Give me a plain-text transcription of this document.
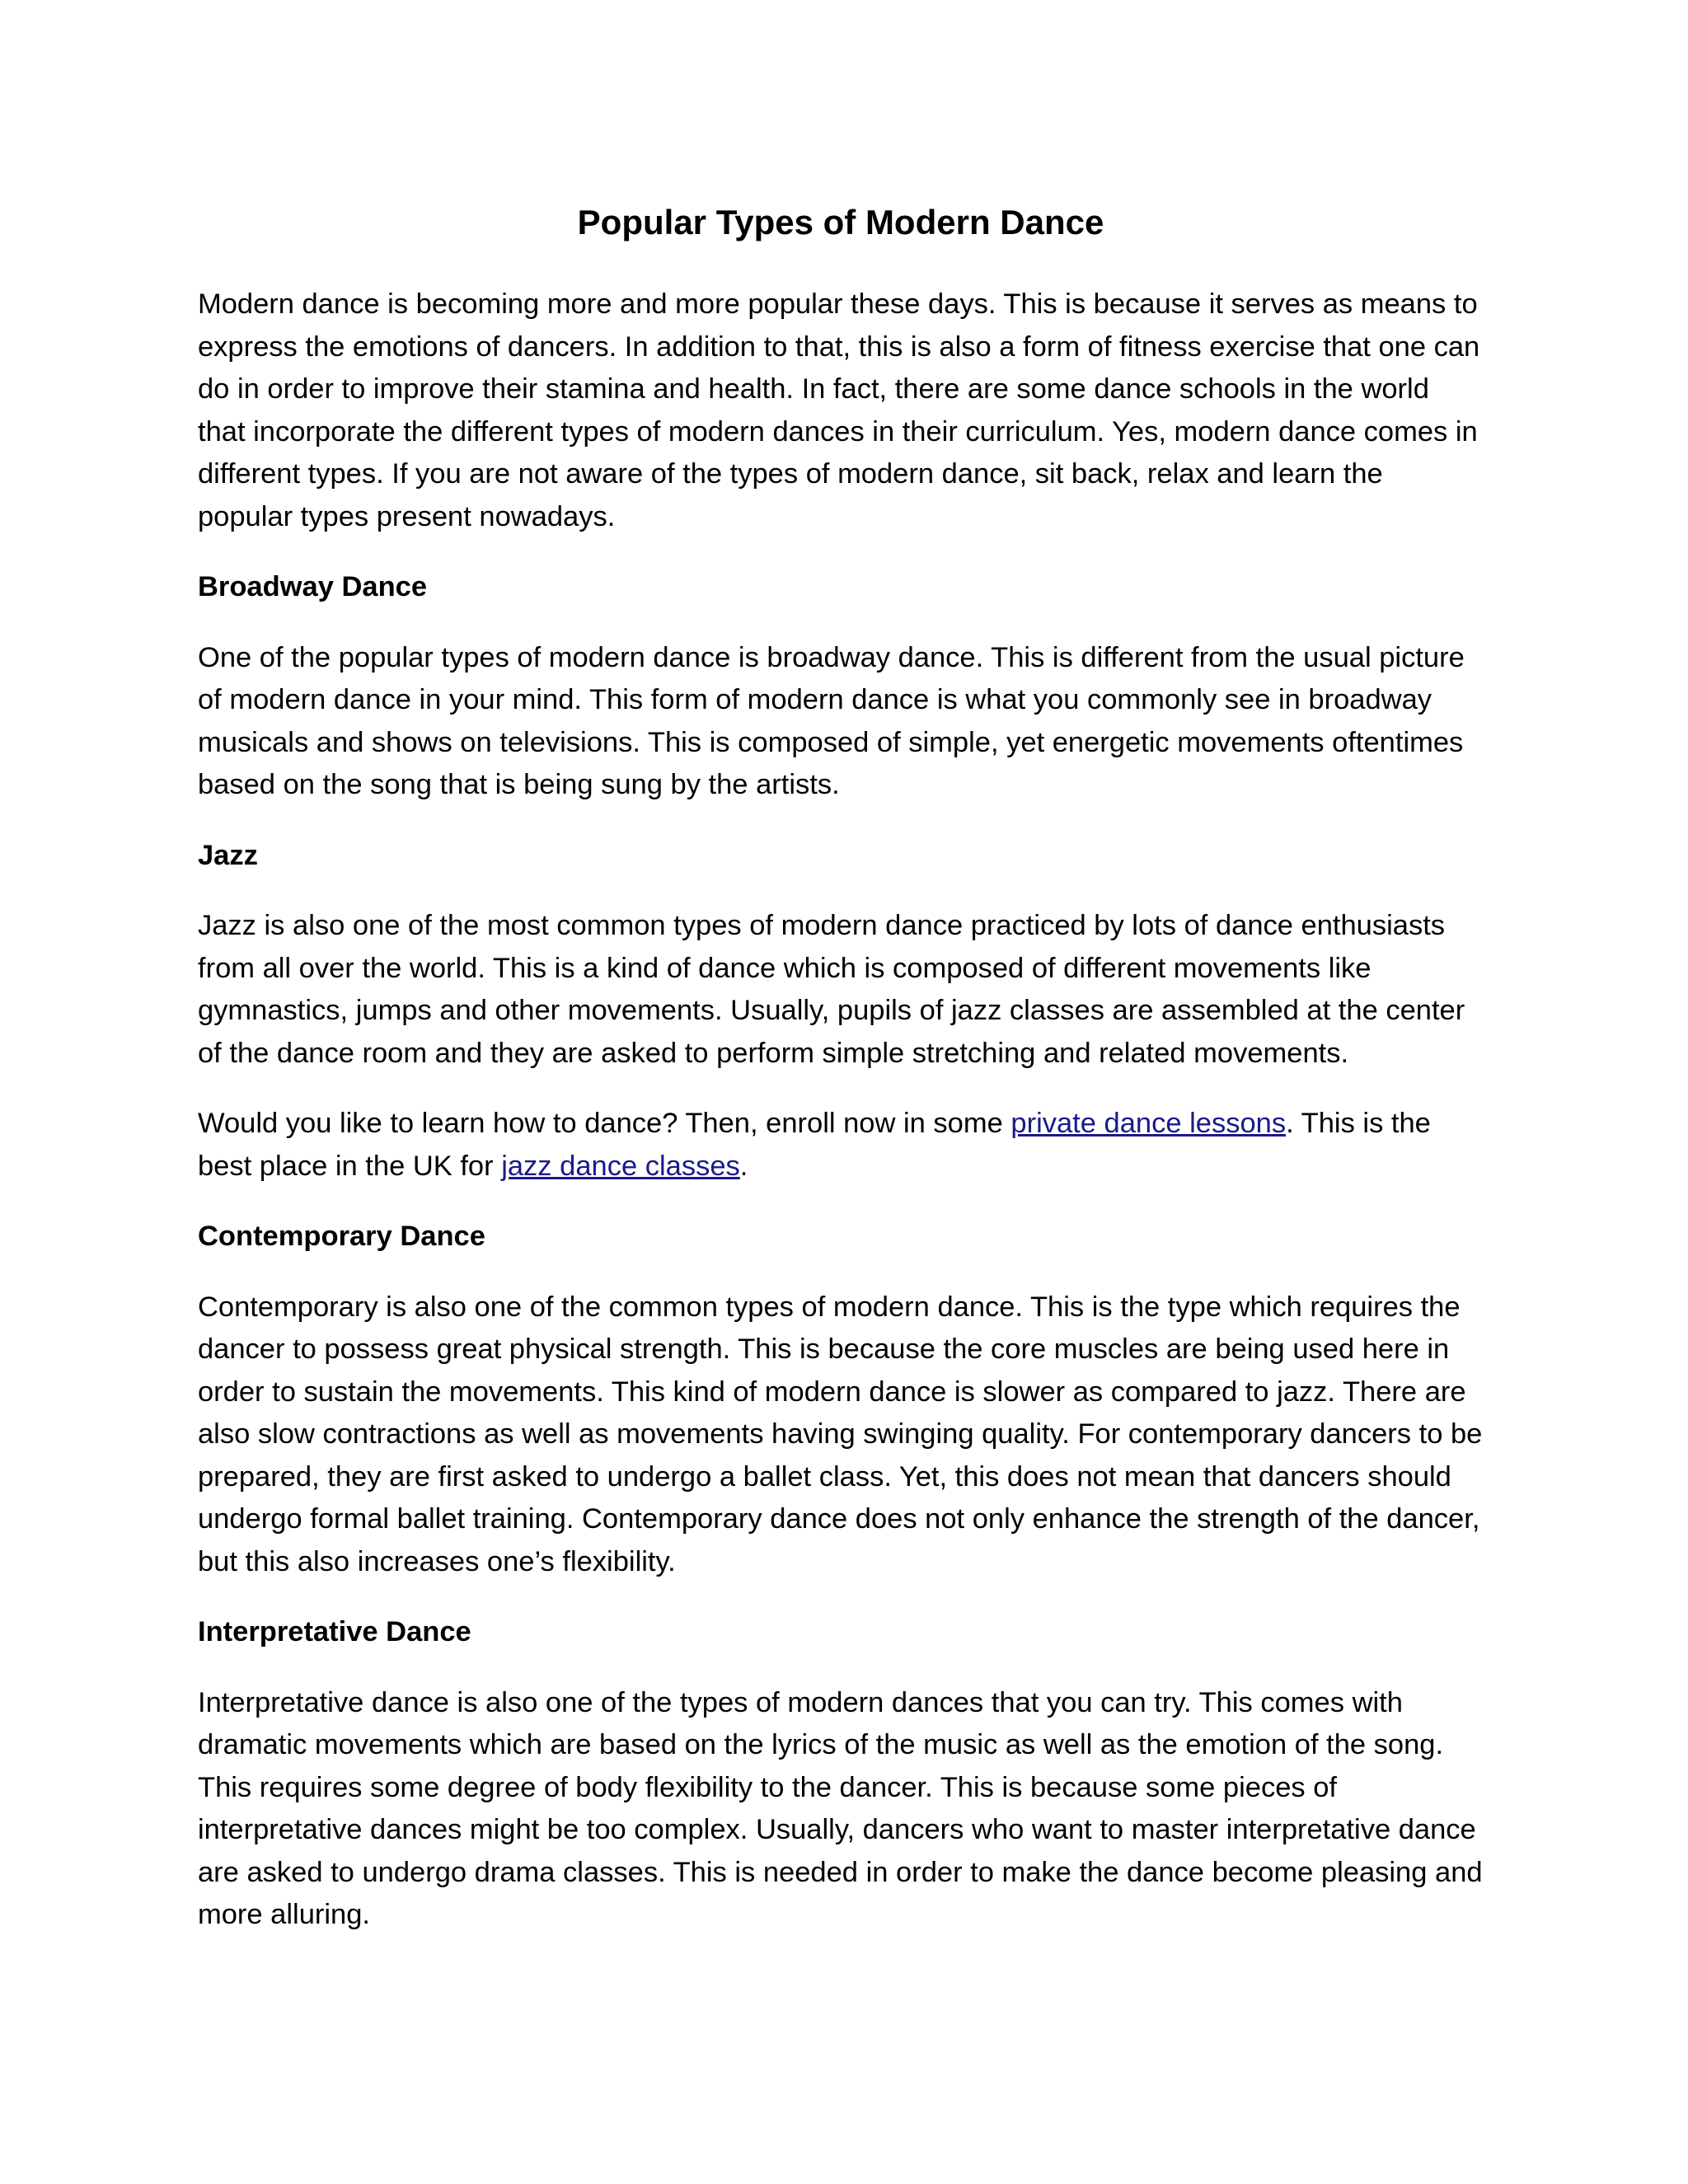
Popular Types of Modern Dance

Modern dance is becoming more and more popular these days. This is because it serves as means to express the emotions of dancers. In addition to that, this is also a form of fitness exercise that one can do in order to improve their stamina and health. In fact, there are some dance schools in the world that incorporate the different types of modern dances in their curriculum. Yes, modern dance comes in different types. If you are not aware of the types of modern dance, sit back, relax and learn the popular types present nowadays.

Broadway Dance

One of the popular types of modern dance is broadway dance. This is different from the usual picture of modern dance in your mind. This form of modern dance is what you commonly see in broadway musicals and shows on televisions. This is composed of simple, yet energetic movements oftentimes based on the song that is being sung by the artists.

Jazz

Jazz is also one of the most common types of modern dance practiced by lots of dance enthusiasts from all over the world. This is a kind of dance which is composed of different movements like gymnastics, jumps and other movements. Usually, pupils of jazz classes are assembled at the center of the dance room and they are asked to perform simple stretching and related movements.

Would you like to learn how to dance? Then, enroll now in some private dance lessons. This is the best place in the UK for jazz dance classes.

Contemporary Dance

Contemporary is also one of the common types of modern dance. This is the type which requires the dancer to possess great physical strength. This is because the core muscles are being used here in order to sustain the movements. This kind of modern dance is slower as compared to jazz. There are also slow contractions as well as movements having swinging quality. For contemporary dancers to be prepared, they are first asked to undergo a ballet class. Yet, this does not mean that dancers should undergo formal ballet training. Contemporary dance does not only enhance the strength of the dancer, but this also increases one’s flexibility.

Interpretative Dance

Interpretative dance is also one of the types of modern dances that you can try. This comes with dramatic movements which are based on the lyrics of the music as well as the emotion of the song. This requires some degree of body flexibility to the dancer. This is because some pieces of interpretative dances might be too complex. Usually, dancers who want to master interpretative dance are asked to undergo drama classes. This is needed in order to make the dance become pleasing and more alluring.
